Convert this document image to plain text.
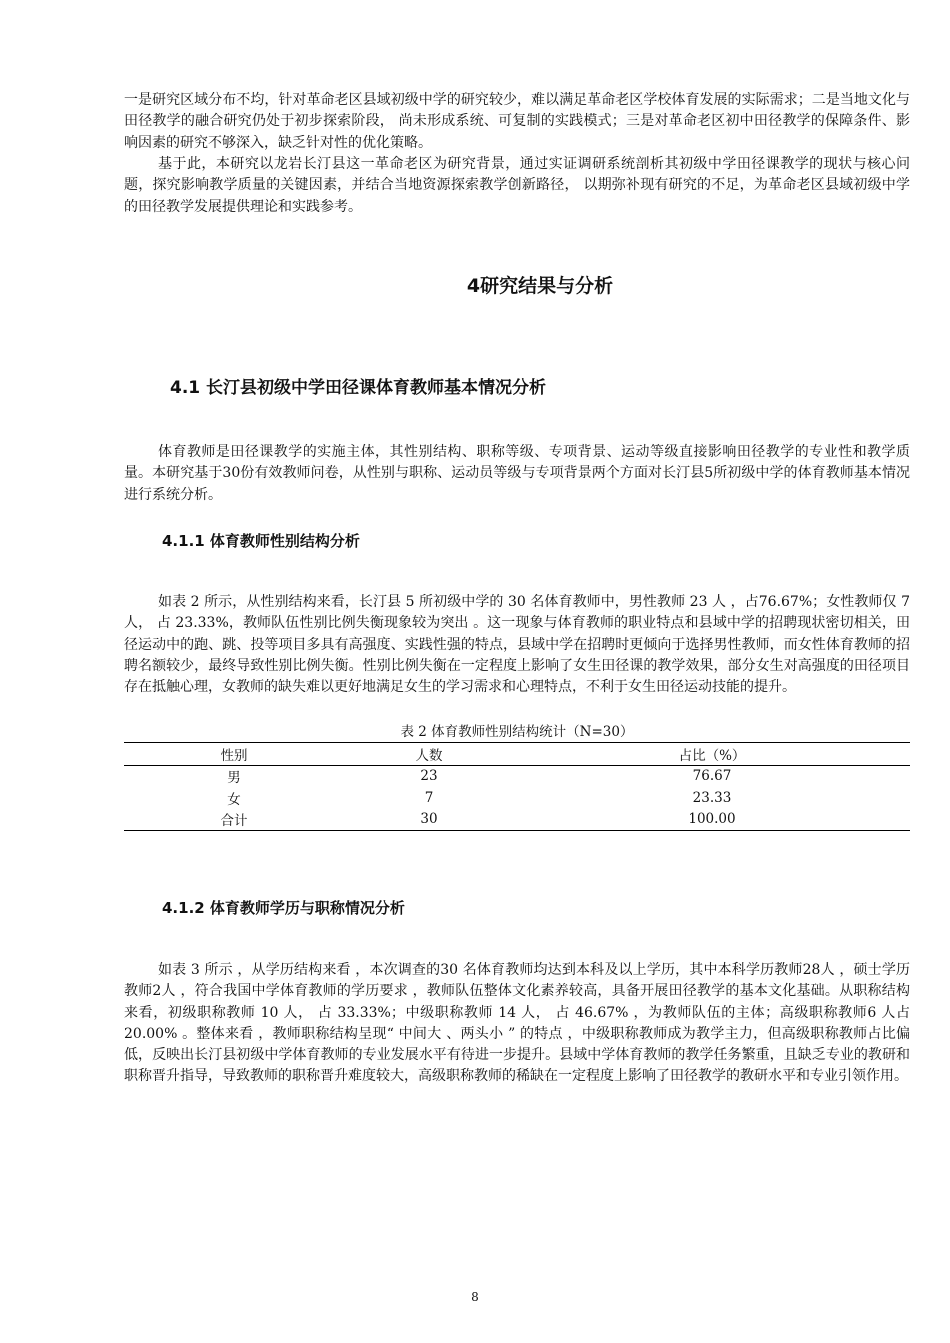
一是研究区域分布不均，针对革命老区县域初级中学的研究较少，难以满足革命老区学校体育发展的实际需求；二是当地文化与田径教学的融合研究仍处于初步探索阶段， 尚未形成系统、可复制的实践模式；三是对革命老区初中田径教学的保障条件、影响因素的研究不够深入，缺乏针对性的优化策略。

基于此，本研究以龙岩长汀县这一革命老区为研究背景，通过实证调研系统剖析其初级中学田径课教学的现状与核心问题，探究影响教学质量的关键因素，并结合当地资源探索教学创新路径， 以期弥补现有研究的不足，为革命老区县域初级中学的田径教学发展提供理论和实践参考。

4研究结果与分析
4.1 长汀县初级中学田径课体育教师基本情况分析

体育教师是田径课教学的实施主体，其性别结构、职称等级、专项背景、运动等级直接影响田径教学的专业性和教学质量。本研究基于30份有效教师问卷，从性别与职称、运动员等级与专项背景两个方面对长汀县5所初级中学的体育教师基本情况进行系统分析。

4.1.1 体育教师性别结构分析

如表 2 所示，从性别结构来看，长汀县 5 所初级中学的 30 名体育教师中，男性教师 23 人 ，占76.67%；女性教师仅 7 人， 占 23.33%，教师队伍性别比例失衡现象较为突出 。这一现象与体育教师的职业特点和县域中学的招聘现状密切相关，田径运动中的跑、跳、投等项目多具有高强度、实践性强的特点，县域中学在招聘时更倾向于选择男性教师，而女性体育教师的招聘名额较少，最终导致性别比例失衡。性别比例失衡在一定程度上影响了女生田径课的教学效果，部分女生对高强度的田径项目存在抵触心理，女教师的缺失难以更好地满足女生的学习需求和心理特点，不利于女生田径运动技能的提升。

表 2 体育教师性别结构统计（N=30）

性别	人数	占比（%）
男	23	76.67
女	7	23.33
合计	30	100.00
4.1.2 体育教师学历与职称情况分析

如表 3 所示 ，从学历结构来看 ，本次调查的30 名体育教师均达到本科及以上学历，其中本科学历教师28人 ，硕士学历教师2人 ，符合我国中学体育教师的学历要求 ，教师队伍整体文化素养较高，具备开展田径教学的基本文化基础。从职称结构来看，初级职称教师 10 人， 占 33.33%；中级职称教师 14 人， 占 46.67% ，为教师队伍的主体；高级职称教师6 人占20.00% 。整体来看 ，教师职称结构呈现“ 中间大 、两头小 ” 的特点 ，中级职称教师成为教学主力，但高级职称教师占比偏低，反映出长汀县初级中学体育教师的专业发展水平有待进一步提升。县域中学体育教师的教学任务繁重，且缺乏专业的教研和职称晋升指导，导致教师的职称晋升难度较大，高级职称教师的稀缺在一定程度上影响了田径教学的教研水平和专业引领作用。

8
